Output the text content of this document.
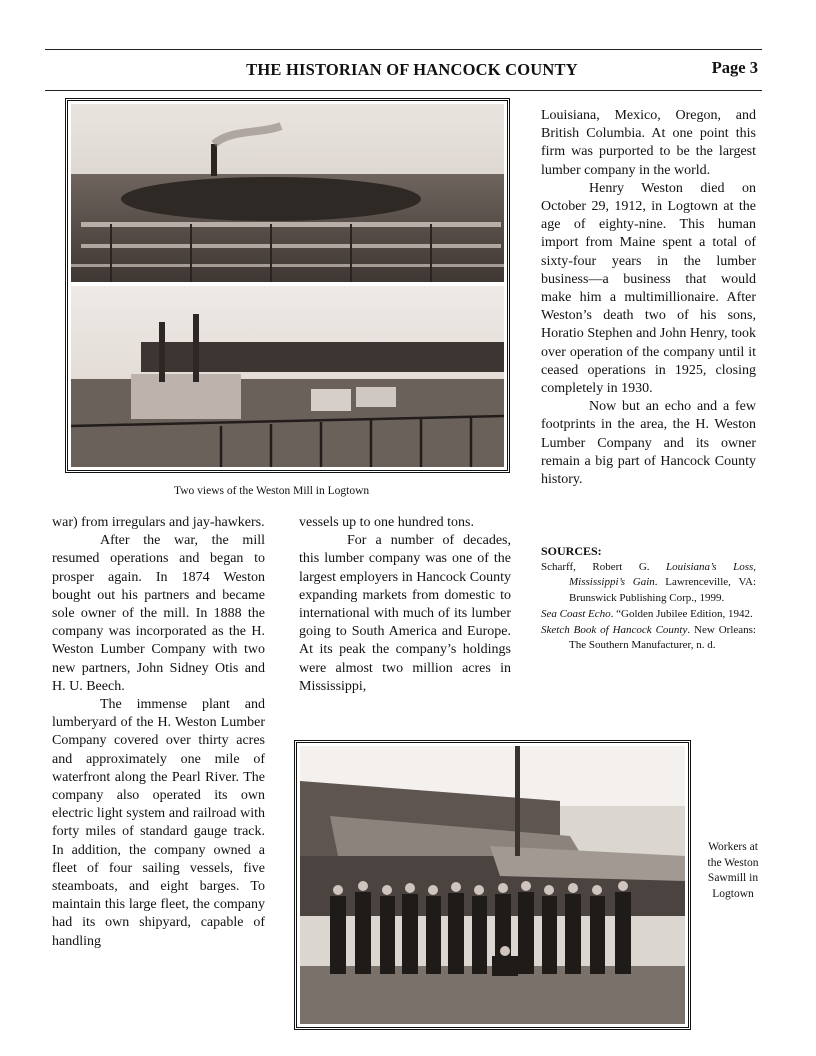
THE HISTORIAN OF HANCOCK COUNTY	Page 3
Two views of the Weston Mill in Logtown

war) from irregulars and jay-hawkers.

After the war, the mill resumed operations and began to prosper again. In 1874 Weston bought out his partners and became sole owner of the mill. In 1888 the company was incorporated as the H. Weston Lumber Company with two new partners, John Sidney Otis and H. U. Beech.

The immense plant and lumberyard of the H. Weston Lumber Company covered over thirty acres and approximately one mile of waterfront along the Pearl River. The company also operated its own electric light system and railroad with forty miles of standard gauge track. In addition, the company owned a fleet of four sailing vessels, five steamboats, and eight barges. To maintain this large fleet, the company had its own shipyard, capable of handling

vessels up to one hundred tons.

For a number of decades, this lumber company was one of the largest employers in Hancock County expanding markets from domestic to international with much of its lumber going to South America and Europe. At its peak the company’s holdings were almost two million acres in Mississippi,

Louisiana, Mexico, Oregon, and British Columbia. At one point this firm was purported to be the largest lumber company in the world.

Henry Weston died on October 29, 1912, in Logtown at the age of eighty-nine. This human import from Maine spent a total of sixty-four years in the lumber business—a business that would make him a multimillionaire. After Weston’s death two of his sons, Horatio Stephen and John Henry, took over operation of the company until it ceased operations in 1925, closing completely in 1930.

Now but an echo and a few footprints in the area, the H. Weston Lumber Company and its owner remain a big part of Hancock County history.

SOURCES:
Scharff, Robert G. Louisiana’s Loss, Mississippi’s Gain. Lawrenceville, VA: Brunswick Publishing Corp., 1999.
Sea Coast Echo. “Golden Jubilee Edition, 1942.
Sketch Book of Hancock County. New Orleans: The Southern Manufacturer, n. d.
Workers at
the Weston
Sawmill in
Logtown
